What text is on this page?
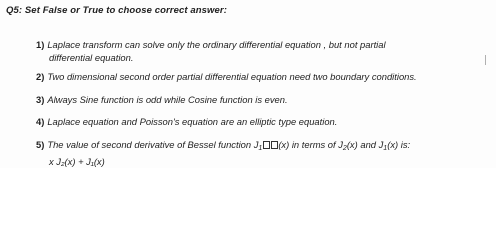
Q5: Set False or True to choose correct answer:
1) Laplace transform can solve only the ordinary differential equation , but not partial
differential equation.
2) Two dimensional second order partial differential equation need two boundary conditions.
3) Always Sine function is odd while Cosine function is even.
4) Laplace equation and Poisson's equation are an elliptic type equation.
5) The value of second derivative of Bessel function $J_1$ (x) in terms of $J_2(x)$ and $J_1(x)$ is:
x J₂(x) + J₁(x)
